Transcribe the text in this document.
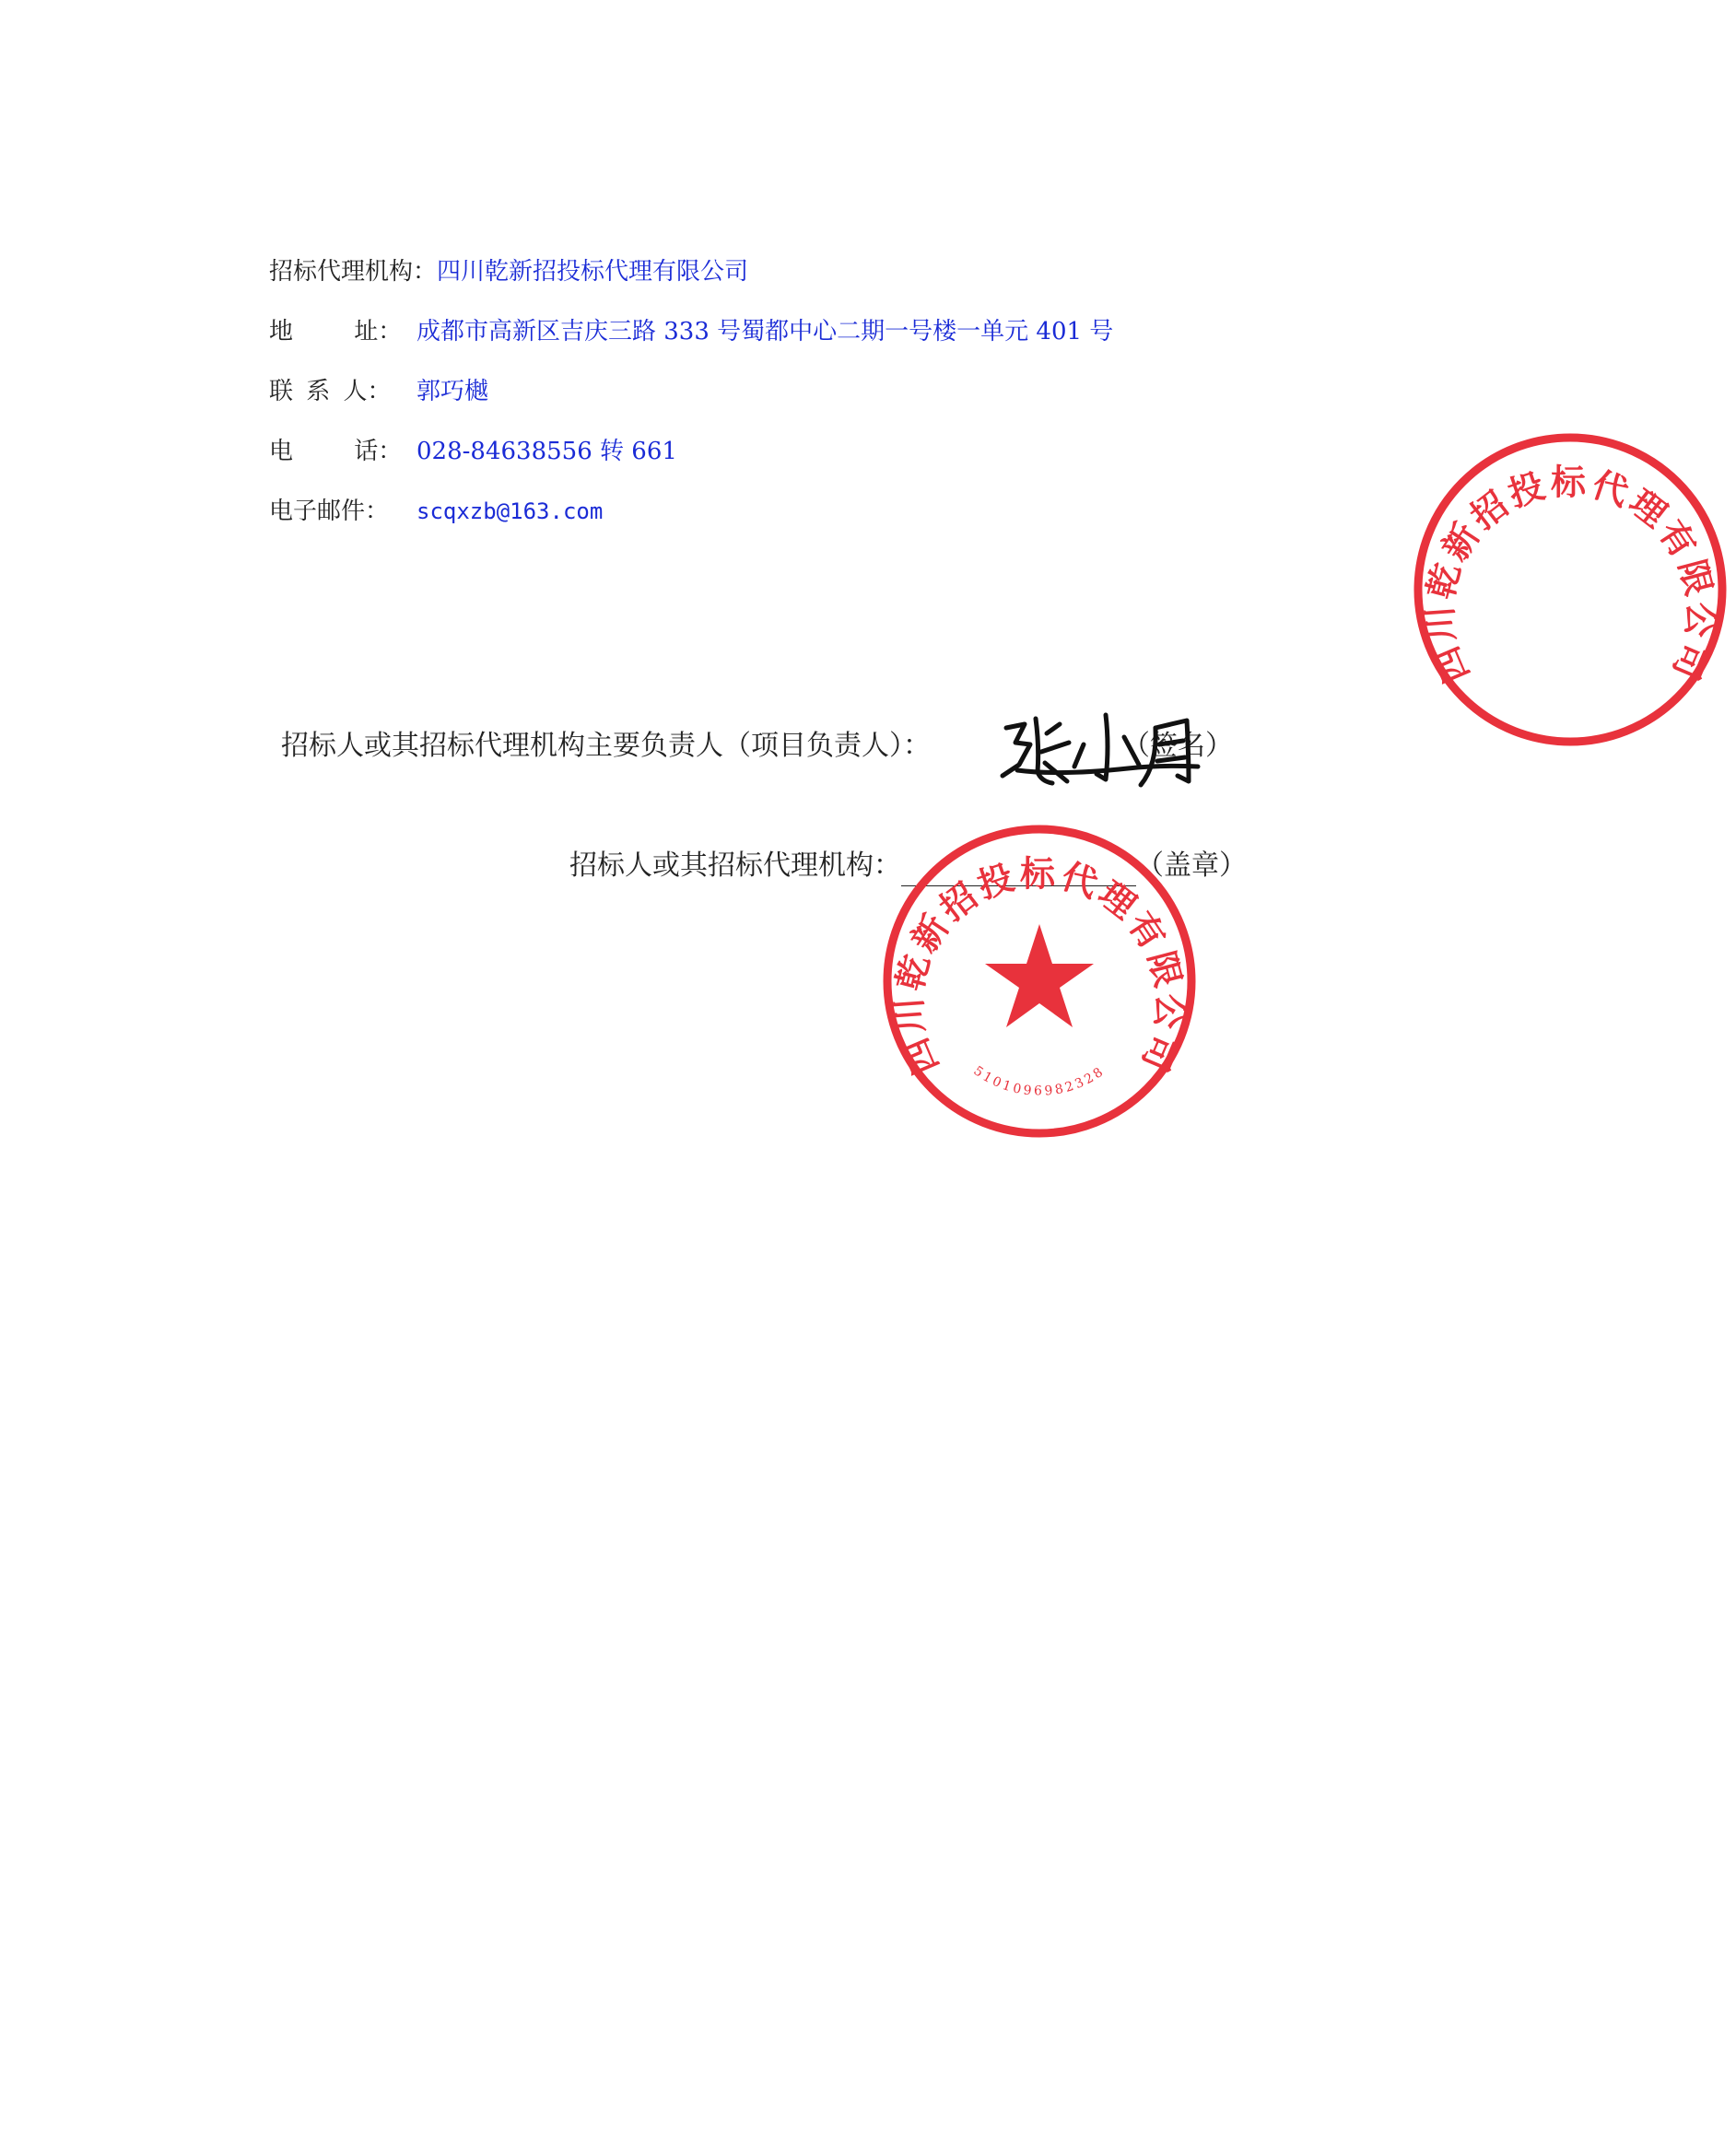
招标代理机构：四川乾新招投标代理有限公司
地 址： 成都市高新区吉庆三路 333 号蜀都中心二期一号楼一单元 401 号
联 系 人： 郭巧樾
电 话： 028-84638556 转 661
电子邮件： scqxzb@163.com
招标人或其招标代理机构主要负责人（项目负责人）：	（签名）
招标人或其招标代理机构：	（盖章）
四川乾新招投标代理有限公司
5101096982328
四川乾新招投标代理有限公司
